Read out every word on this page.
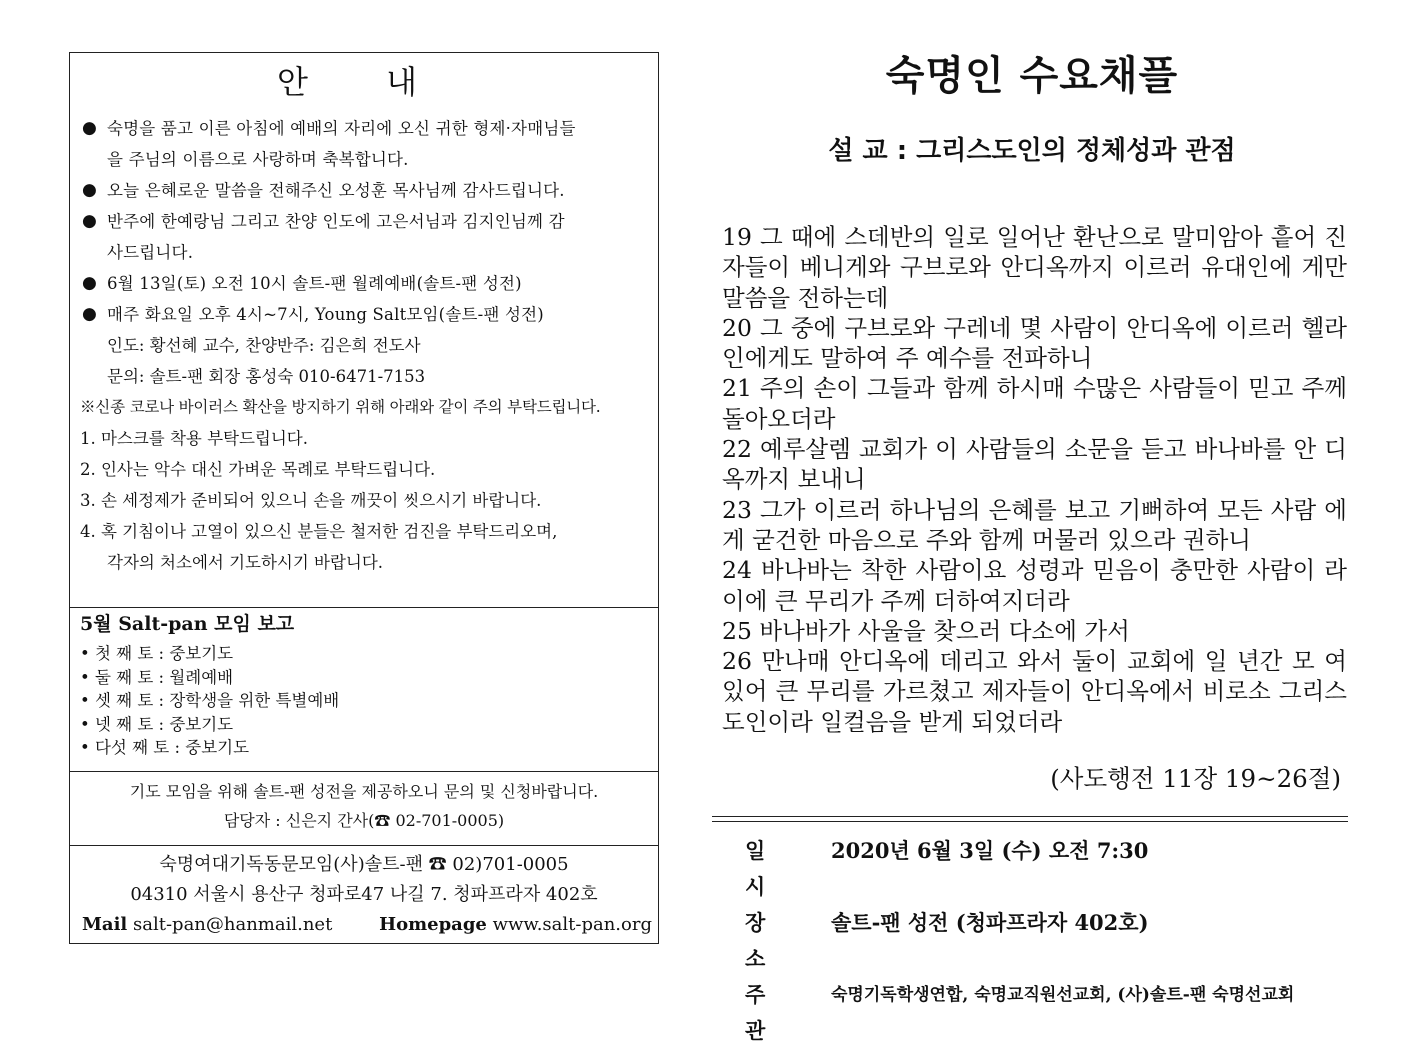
안 내
● 숙명을 품고 이른 아침에 예배의 자리에 오신 귀한 형제·자매님들
을 주님의 이름으로 사랑하며 축복합니다.
● 오늘 은혜로운 말씀을 전해주신 오성훈 목사님께 감사드립니다.
● 반주에 한예랑님 그리고 찬양 인도에 고은서님과 김지인님께 감
사드립니다.
● 6월 13일(토) 오전 10시 솔트-팬 월례예배(솔트-팬 성전)
● 매주 화요일 오후 4시~7시, Young Salt모임(솔트-팬 성전)
인도: 황선혜 교수, 찬양반주: 김은희 전도사
문의: 솔트-팬 회장 홍성숙 010-6471-7153
※신종 코로나 바이러스 확산을 방지하기 위해 아래와 같이 주의 부탁드립니다.
1. 마스크를 착용 부탁드립니다.
2. 인사는 악수 대신 가벼운 목례로 부탁드립니다.
3. 손 세정제가 준비되어 있으니 손을 깨끗이 씻으시기 바랍니다.
4. 혹 기침이나 고열이 있으신 분들은 철저한 검진을 부탁드리오며,
각자의 처소에서 기도하시기 바랍니다.
5월 Salt-pan 모임 보고
• 첫 째 토 : 중보기도
• 둘 째 토 : 월례예배
• 셋 째 토 : 장학생을 위한 특별예배
• 넷 째 토 : 중보기도
• 다섯 째 토 : 중보기도
기도 모임을 위해 솔트-팬 성전을 제공하오니 문의 및 신청바랍니다.
담당자 : 신은지 간사(☎ 02-701-0005)
숙명여대기독동문모임(사)솔트-팬 ☎ 02)701-0005
04310 서울시 용산구 청파로47 나길 7. 청파프라자 402호
Mail salt-pan@hanmail.net	Homepage www.salt-pan.org
숙명인 수요채플
설 교 : 그리스도인의 정체성과 관점
19 그 때에 스데반의 일로 일어난 환난으로 말미암아 흩어 진 자들이 베니게와 구브로와 안디옥까지 이르러 유대인에 게만 말씀을 전하는데
20 그 중에 구브로와 구레네 몇 사람이 안디옥에 이르러 헬라인에게도 말하여 주 예수를 전파하니
21 주의 손이 그들과 함께 하시매 수많은 사람들이 믿고 주께 돌아오더라
22 예루살렘 교회가 이 사람들의 소문을 듣고 바나바를 안 디옥까지 보내니
23 그가 이르러 하나님의 은혜를 보고 기뻐하여 모든 사람 에게 굳건한 마음으로 주와 함께 머물러 있으라 권하니
24 바나바는 착한 사람이요 성령과 믿음이 충만한 사람이 라 이에 큰 무리가 주께 더하여지더라
25 바나바가 사울을 찾으러 다소에 가서
26 만나매 안디옥에 데리고 와서 둘이 교회에 일 년간 모 여 있어 큰 무리를 가르쳤고 제자들이 안디옥에서 비로소 그리스도인이라 일컬음을 받게 되었더라
(사도행전 11장 19~26절)
일 시
2020년 6월 3일 (수) 오전 7:30
장 소
솔트-팬 성전 (청파프라자 402호)
주 관
숙명기독학생연합, 숙명교직원선교회, (사)솔트-팬 숙명선교회
